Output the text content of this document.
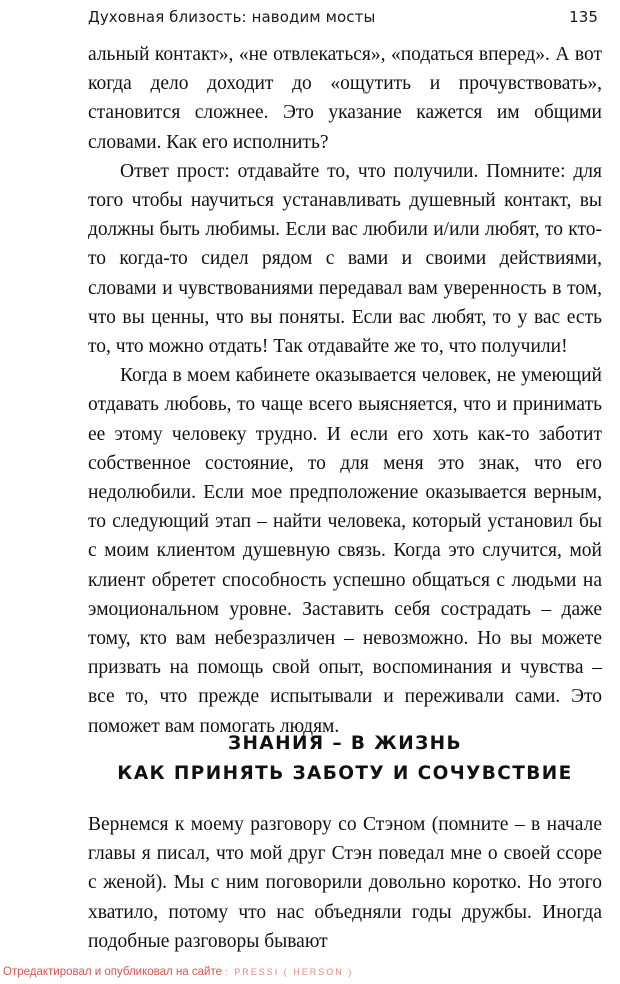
Духовная близость: наводим мосты	135

альный контакт», «не отвлекаться», «податься вперед». А вот когда дело доходит до «ощутить и прочувствовать», становится сложнее. Это указание кажется им общими словами. Как его исполнить?

Ответ прост: отдавайте то, что получили. Помните: для того чтобы научиться устанавливать душевный контакт, вы должны быть любимы. Если вас любили и/или любят, то кто-то когда-то сидел рядом с вами и своими действиями, словами и чувствованиями передавал вам уверенность в том, что вы ценны, что вы поняты. Если вас любят, то у вас есть то, что можно отдать! Так отдавайте же то, что получили!

Когда в моем кабинете оказывается человек, не умеющий отдавать любовь, то чаще всего выясняется, что и принимать ее этому человеку трудно. И если его хоть как-то заботит собственное состояние, то для меня это знак, что его недолюбили. Если мое предположение оказывается верным, то следующий этап – найти человека, который установил бы с моим клиентом душевную связь. Когда это случится, мой клиент обретет способность успешно общаться с людьми на эмоциональном уровне. Заставить себя сострадать – даже тому, кто вам небезразличен – невозможно. Но вы можете призвать на помощь свой опыт, воспоминания и чувства – все то, что прежде испытывали и переживали сами. Это поможет вам помогать людям.

ЗНАНИЯ – В ЖИЗНЬ
КАК ПРИНЯТЬ ЗАБОТУ И СОЧУВСТВИЕ

Вернемся к моему разговору со Стэном (помните – в начале главы я писал, что мой друг Стэн поведал мне о своей ссоре с женой). Мы с ним поговорили довольно коротко. Но этого хватило, потому что нас объедняли годы дружбы. Иногда подобные разговоры бывают

Отредактировал и опубликовал на сайте : PRESSI ( HERSON )
